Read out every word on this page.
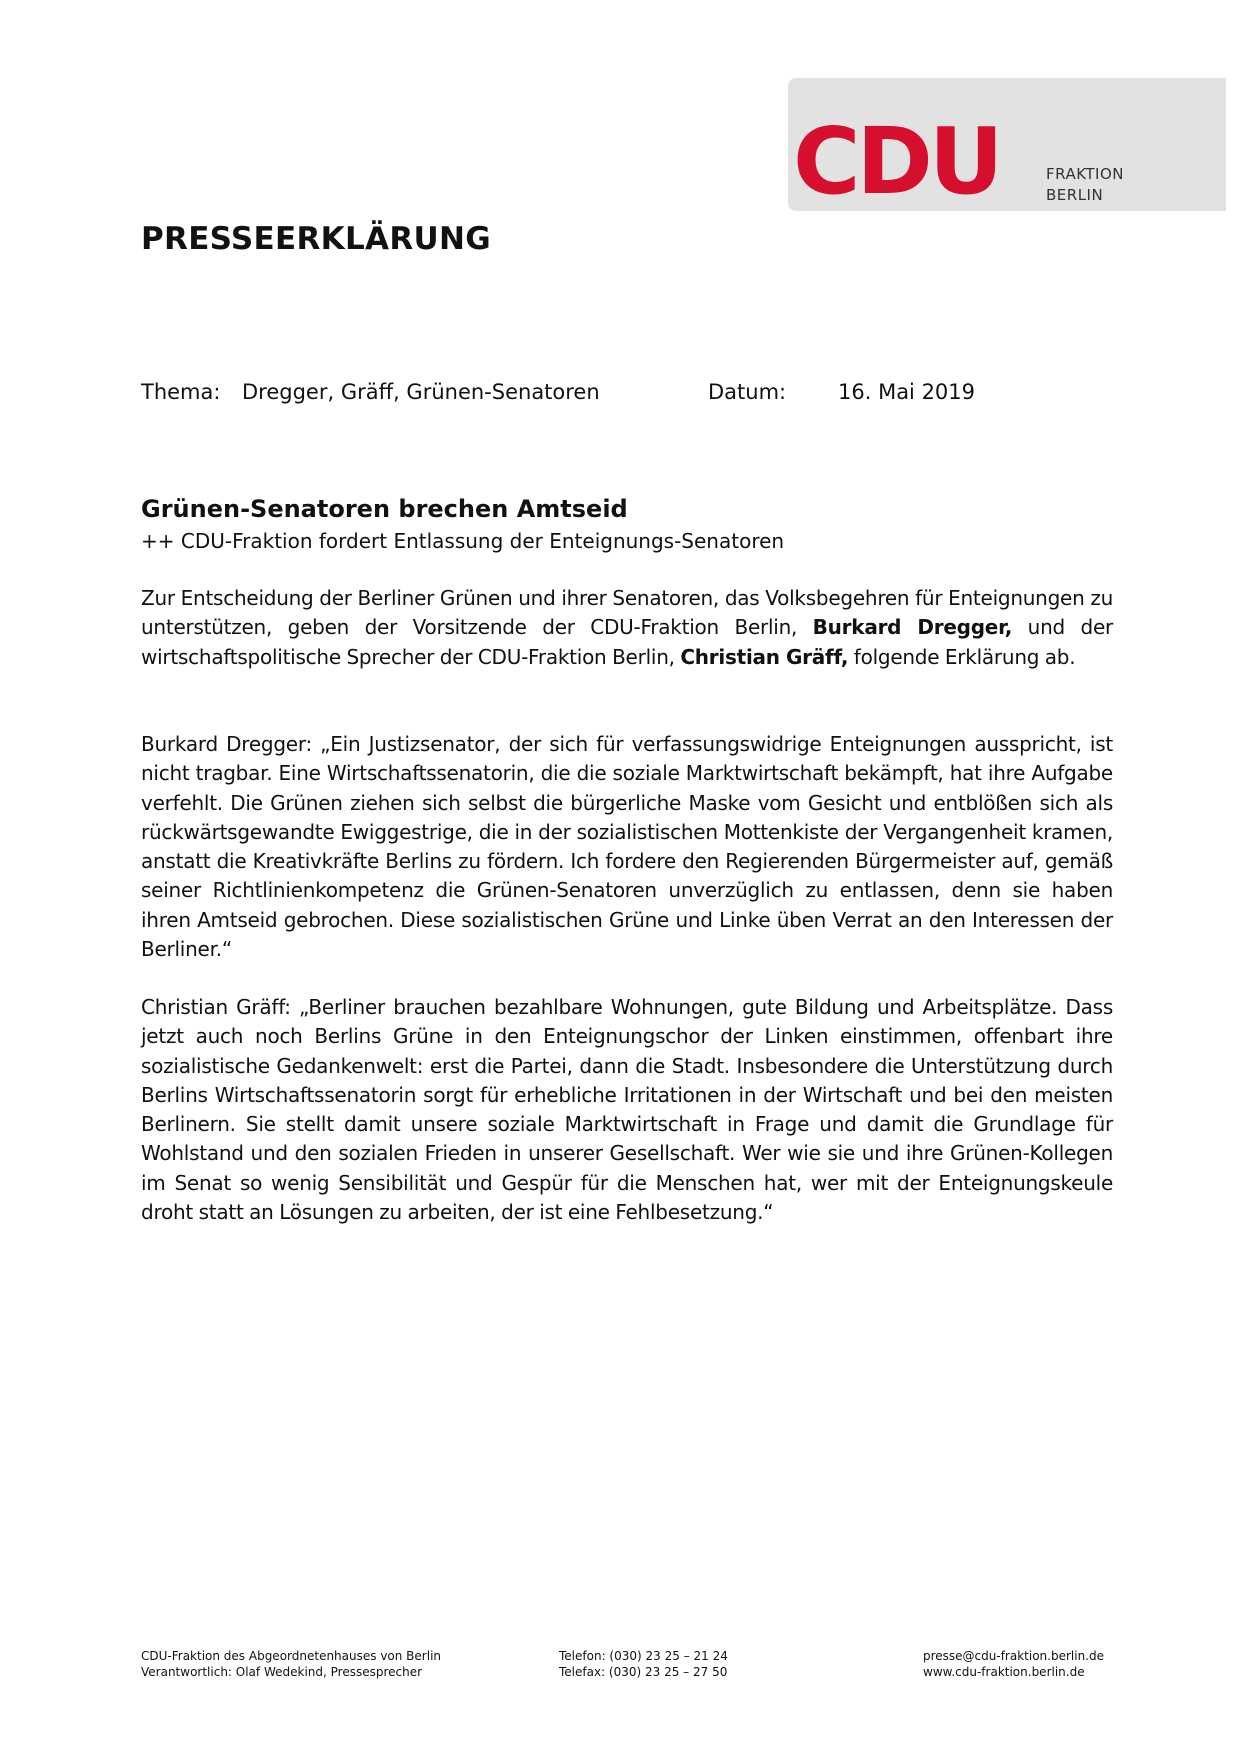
CDU	FRAKTION
BERLIN
PRESSEERKLÄRUNG
Thema: Dregger, Gräff, Grünen-Senatoren	Datum: 16. Mai 2019
Grünen-Senatoren brechen Amtseid
++ CDU-Fraktion fordert Entlassung der Enteignungs-Senatoren

Zur Entscheidung der Berliner Grünen und ihrer Senatoren, das Volksbegehren für Enteignungen zu unterstützen, geben der Vorsitzende der CDU-Fraktion Berlin, Burkard Dregger, und der wirtschaftspolitische Sprecher der CDU-Fraktion Berlin, Christian Gräff, folgende Erklärung ab.

Burkard Dregger: „Ein Justizsenator, der sich für verfassungswidrige Enteignungen ausspricht, ist nicht tragbar. Eine Wirtschaftssenatorin, die die soziale Marktwirtschaft bekämpft, hat ihre Aufgabe verfehlt. Die Grünen ziehen sich selbst die bürgerliche Maske vom Gesicht und entblößen sich als rückwärtsgewandte Ewiggestrige, die in der sozialistischen Mottenkiste der Vergangenheit kramen, anstatt die Kreativkräfte Berlins zu fördern. Ich fordere den Regierenden Bürgermeister auf, gemäß seiner Richtlinienkompetenz die Grünen-Senatoren unverzüglich zu entlassen, denn sie haben ihren Amtseid gebrochen. Diese sozialistischen Grüne und Linke üben Verrat an den Interessen der Berliner.“

Christian Gräff: „Berliner brauchen bezahlbare Wohnungen, gute Bildung und Arbeitsplätze. Dass jetzt auch noch Berlins Grüne in den Enteignungschor der Linken einstimmen, offenbart ihre sozialistische Gedankenwelt: erst die Partei, dann die Stadt. Insbesondere die Unterstützung durch Berlins Wirtschaftssenatorin sorgt für erhebliche Irritationen in der Wirtschaft und bei den meisten Berlinern. Sie stellt damit unsere soziale Marktwirtschaft in Frage und damit die Grundlage für Wohlstand und den sozialen Frieden in unserer Gesellschaft. Wer wie sie und ihre Grünen-Kollegen im Senat so wenig Sensibilität und Gespür für die Menschen hat, wer mit der Enteignungskeule droht statt an Lösungen zu arbeiten, der ist eine Fehlbesetzung.“

CDU-Fraktion des Abgeordnetenhauses von Berlin
Verantwortlich: Olaf Wedekind, Pressesprecher
Telefon: (030) 23 25 – 21 24
Telefax: (030) 23 25 – 27 50
presse@cdu-fraktion.berlin.de
www.cdu-fraktion.berlin.de
